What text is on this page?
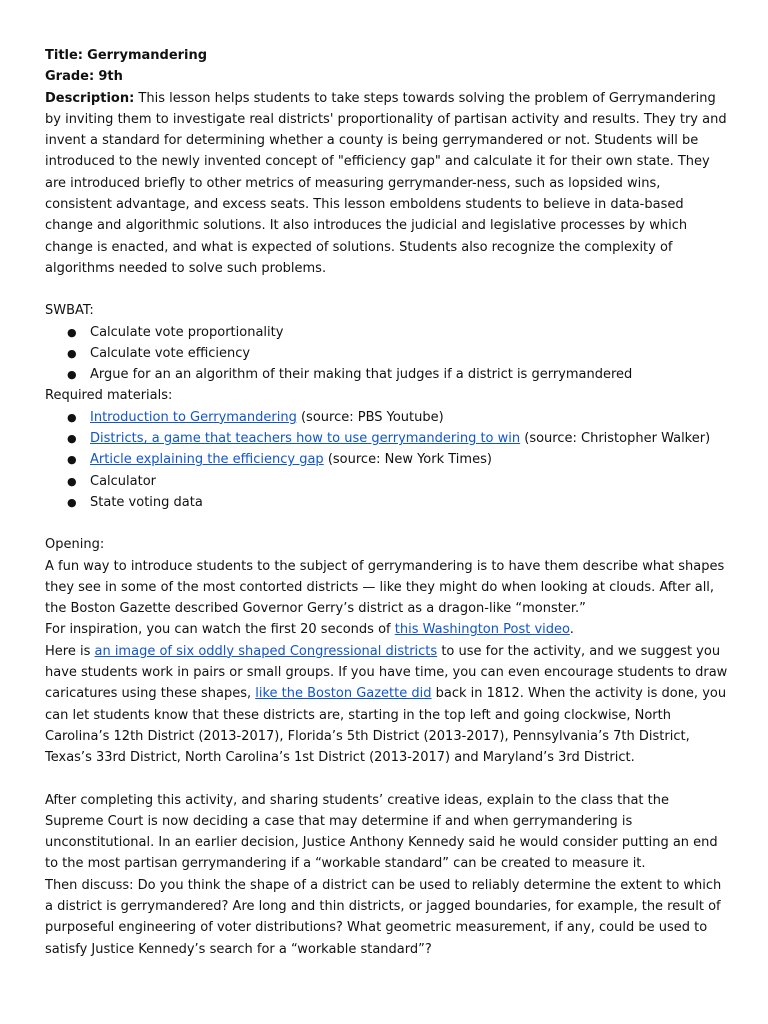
Title: Gerrymandering

Grade: 9th

Description: This lesson helps students to take steps towards solving the problem of Gerrymandering by inviting them to investigate real districts' proportionality of partisan activity and results. They try and invent a standard for determining whether a county is being gerrymandered or not. Students will be introduced to the newly invented concept of "efficiency gap" and calculate it for their own state. They are introduced briefly to other metrics of measuring gerrymander-ness, such as lopsided wins, consistent advantage, and excess seats. This lesson emboldens students to believe in data-based change and algorithmic solutions. It also introduces the judicial and legislative processes by which change is enacted, and what is expected of solutions. Students also recognize the complexity of algorithms needed to solve such problems.

SWBAT:

● Calculate vote proportionality
● Calculate vote efficiency
● Argue for an an algorithm of their making that judges if a district is gerrymandered

Required materials:

● Introduction to Gerrymandering (source: PBS Youtube)
● Districts, a game that teachers how to use gerrymandering to win (source: Christopher Walker)
● Article explaining the efficiency gap (source: New York Times)
● Calculator
● State voting data

Opening:

A fun way to introduce students to the subject of gerrymandering is to have them describe what shapes they see in some of the most contorted districts — like they might do when looking at clouds. After all, the Boston Gazette described Governor Gerry’s district as a dragon-like “monster.”

For inspiration, you can watch the first 20 seconds of this Washington Post video.

Here is an image of six oddly shaped Congressional districts to use for the activity, and we suggest you have students work in pairs or small groups. If you have time, you can even encourage students to draw caricatures using these shapes, like the Boston Gazette did back in 1812. When the activity is done, you can let students know that these districts are, starting in the top left and going clockwise, North Carolina’s 12th District (2013-2017), Florida’s 5th District (2013-2017), Pennsylvania’s 7th District, Texas’s 33rd District, North Carolina’s 1st District (2013-2017) and Maryland’s 3rd District.

After completing this activity, and sharing students’ creative ideas, explain to the class that the Supreme Court is now deciding a case that may determine if and when gerrymandering is unconstitutional. In an earlier decision, Justice Anthony Kennedy said he would consider putting an end to the most partisan gerrymandering if a “workable standard” can be created to measure it.

Then discuss: Do you think the shape of a district can be used to reliably determine the extent to which a district is gerrymandered? Are long and thin districts, or jagged boundaries, for example, the result of purposeful engineering of voter distributions? What geometric measurement, if any, could be used to satisfy Justice Kennedy’s search for a “workable standard”?
